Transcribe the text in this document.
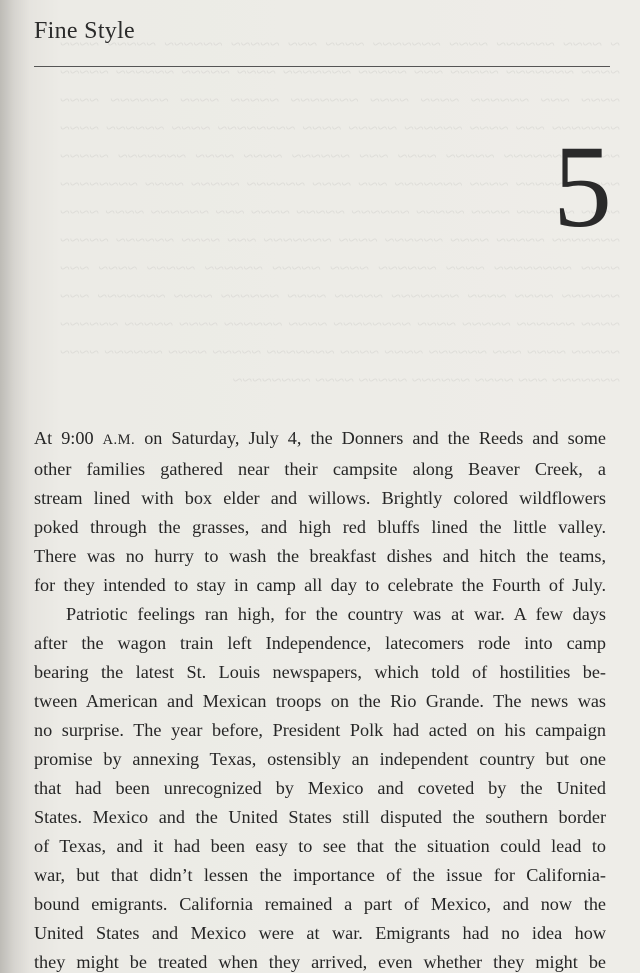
~ ~~~~ ~~~~~~ ~~~~ ~~~~~~~ ~~~~ ~~~ ~~~~~ ~~~~~~ ~~~~~ ~~~~ ~~~~ ~~~~~~~ ~~~~~ ~~~ ~~~~~ ~~~~~~~ ~~~~ ~~~~~ ~~~~~~ ~~~~~ ~~~~ ~~~ ~~~~~~ ~~~~ ~~~~ ~~~~~~~ ~~~~~ ~~~~ ~~~~~~ ~~~~ ~~~~~~~ ~~~ ~~~~ ~~~~~~ ~~~~~ ~~~~ ~~~~~~~~ ~~~~ ~~~~~~ ~~~~ ~~~~~ ~~~~~~ ~~~~~ ~~~~ ~~~ ~~~~~~ ~~~~ ~~~~ ~~~~~~~ ~~~~~ ~~~~ ~~~~~~ ~~~~ ~~~~~~~ ~~~ ~~~~ ~~~~~~ ~~~~~ ~~~~ ~~~~~~~~ ~~~~ ~~~~~~ ~~~~ ~~~~~ ~~~~~~ ~~~~~ ~~~~ ~~~ ~~~~~~ ~~~~ ~~~~ ~~~~~~~ ~~~~~ ~~~~ ~~~~~~ ~~~~ ~~~~~~~ ~~~ ~~~~ ~~~~~~ ~~~~~ ~~~~ ~~~~~~~~ ~~~~ ~~~~~~ ~~~~ ~~~~~ ~~~~~~ ~~~~~ ~~~~ ~~~ ~~~~~~ ~~~~ ~~~~ ~~~~~~~ ~~~~~ ~~~~ ~~~~~~ ~~~~ ~~~~~~~ ~~~ ~~~~ ~~~~~~ ~~~~~ ~~~~ ~~~~~~~~ ~~~~ ~~~~~~ ~~~~ ~~~~~ ~~~~~~ ~~~~~ ~~~~ ~~~ ~~~~~~ ~~~~ ~~~~ ~~~~~~~ ~~~~~ ~~~~ ~~~~~~ ~~~~ ~~~~~~~ ~~~ ~~~~ ~~~~~~ ~~~~~ ~~~~ ~~~~~~~~

Fine Style
5

At 9:00 A.M. on Saturday, July 4, the Donners and the Reeds and some
other families gathered near their campsite along Beaver Creek, a
stream lined with box elder and willows. Brightly colored wildflowers
poked through the grasses, and high red bluffs lined the little valley.
There was no hurry to wash the breakfast dishes and hitch the teams,
for they intended to stay in camp all day to celebrate the Fourth of July.

Patriotic feelings ran high, for the country was at war. A few days
after the wagon train left Independence, latecomers rode into camp
bearing the latest St. Louis newspapers, which told of hostilities be-
tween American and Mexican troops on the Rio Grande. The news was
no surprise. The year before, President Polk had acted on his campaign
promise by annexing Texas, ostensibly an independent country but one
that had been unrecognized by Mexico and coveted by the United
States. Mexico and the United States still disputed the southern border
of Texas, and it had been easy to see that the situation could lead to
war, but that didn’t lessen the importance of the issue for California-
bound emigrants. California remained a part of Mexico, and now the
United States and Mexico were at war. Emigrants had no idea how
they might be treated when they arrived, even whether they might be
